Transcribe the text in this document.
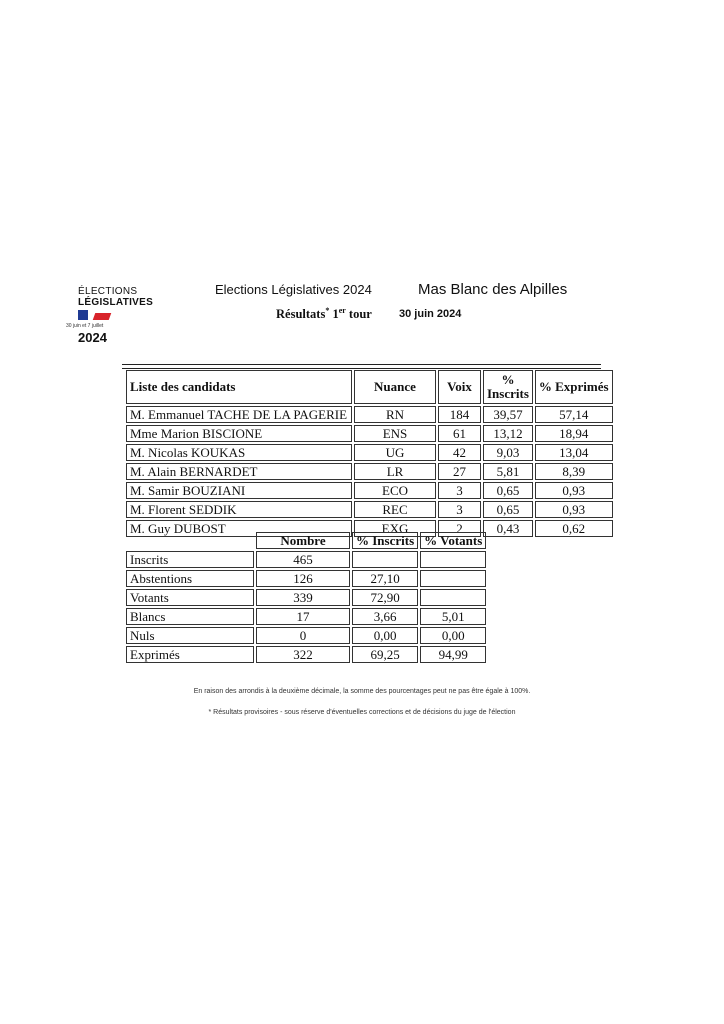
ÉLECTIONS
LÉGISLATIVES
30 juin et 7 juillet
2024
Elections Législatives 2024	Mas Blanc des Alpilles
Résultats* 1er tour 30 juin 2024
Liste des candidats	Nuance	Voix	% Inscrits	% Exprimés
M. Emmanuel TACHE DE LA PAGERIE	RN	184	39,57	57,14
Mme Marion BISCIONE	ENS	61	13,12	18,94
M. Nicolas KOUKAS	UG	42	9,03	13,04
M. Alain BERNARDET	LR	27	5,81	8,39
M. Samir BOUZIANI	ECO	3	0,65	0,93
M. Florent SEDDIK	REC	3	0,65	0,93
M. Guy DUBOST	EXG	2	0,43	0,62
	Nombre	% Inscrits	% Votants
Inscrits	465		
Abstentions	126	27,10	
Votants	339	72,90	
Blancs	17	3,66	5,01
Nuls	0	0,00	0,00
Exprimés	322	69,25	94,99
En raison des arrondis à la deuxième décimale, la somme des pourcentages peut ne pas être égale à 100%.
* Résultats provisoires - sous réserve d'éventuelles corrections et de décisions du juge de l'élection
